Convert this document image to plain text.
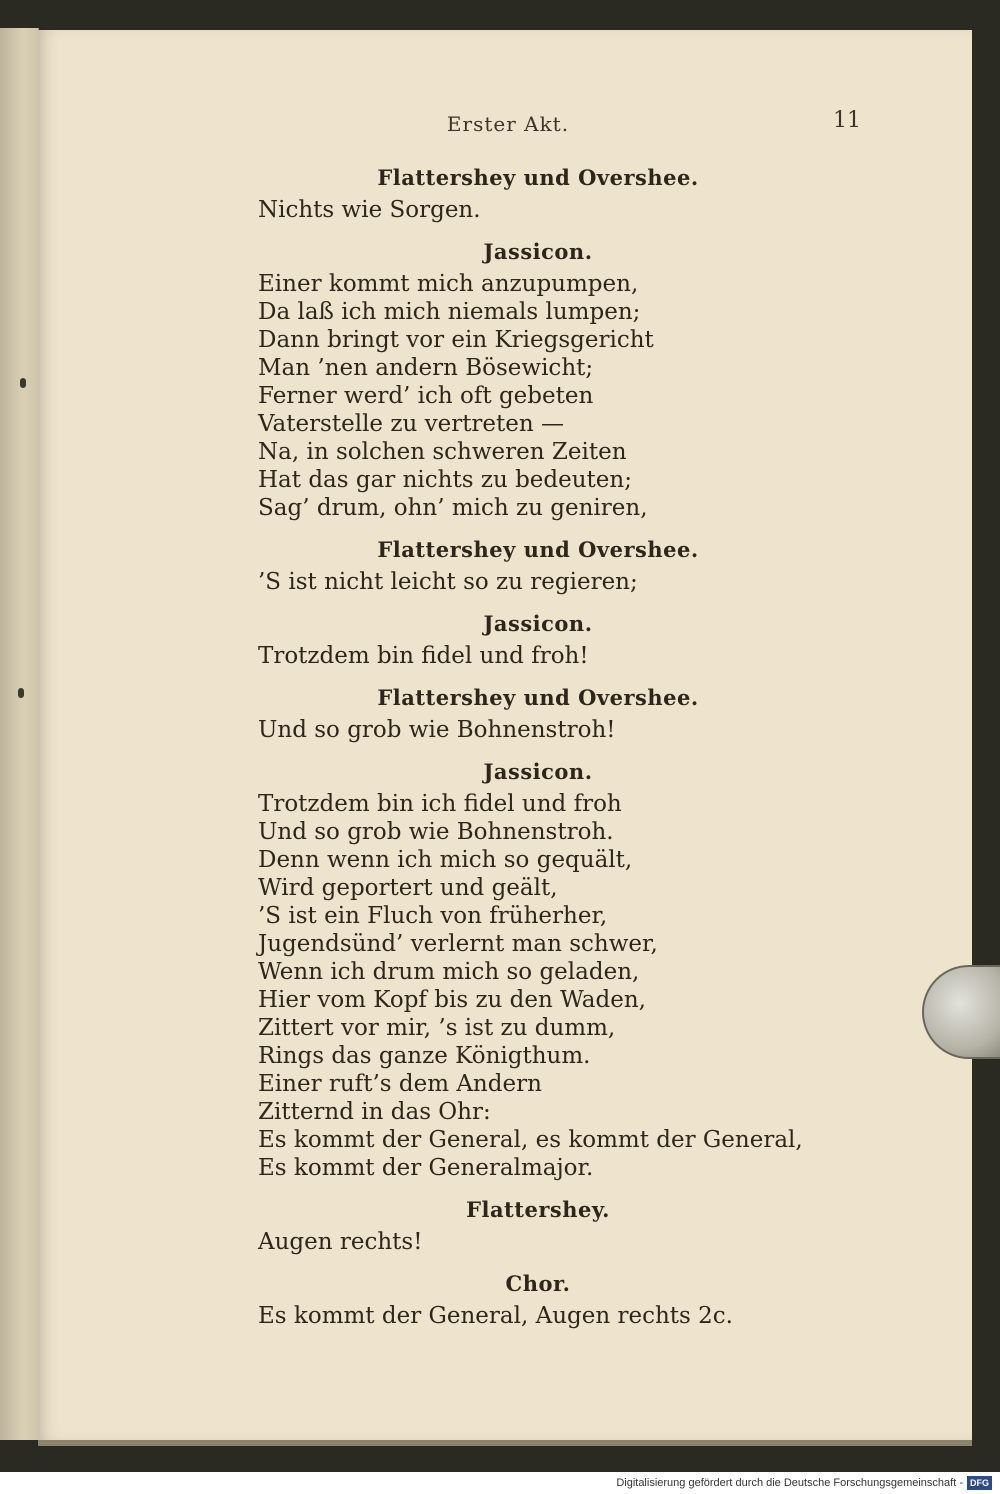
Erster Akt.	11

Flattershey und Overshee.

Nichts wie Sorgen.

Jassicon.

Einer kommt mich anzupumpen,

Da laß ich mich niemals lumpen;

Dann bringt vor ein Kriegsgericht

Man ’nen andern Bösewicht;

Ferner werd’ ich oft gebeten

Vaterstelle zu vertreten —

Na, in solchen schweren Zeiten

Hat das gar nichts zu bedeuten;

Sag’ drum, ohn’ mich zu geniren,

Flattershey und Overshee.

’S ist nicht leicht so zu regieren;

Jassicon.

Trotzdem bin fidel und froh!

Flattershey und Overshee.

Und so grob wie Bohnenstroh!

Jassicon.

Trotzdem bin ich fidel und froh

Und so grob wie Bohnenstroh.

Denn wenn ich mich so gequält,

Wird geportert und geält,

’S ist ein Fluch von früherher,

Jugendsünd’ verlernt man schwer,

Wenn ich drum mich so geladen,

Hier vom Kopf bis zu den Waden,

Zittert vor mir, ’s ist zu dumm,

Rings das ganze Königthum.

Einer ruft’s dem Andern

Zitternd in das Ohr:

Es kommt der General, es kommt der General,

Es kommt der Generalmajor.

Flattershey.

Augen rechts!

Chor.

Es kommt der General, Augen rechts 2c.

Digitalisierung gefördert durch die Deutsche Forschungsgemeinschaft - DFG
